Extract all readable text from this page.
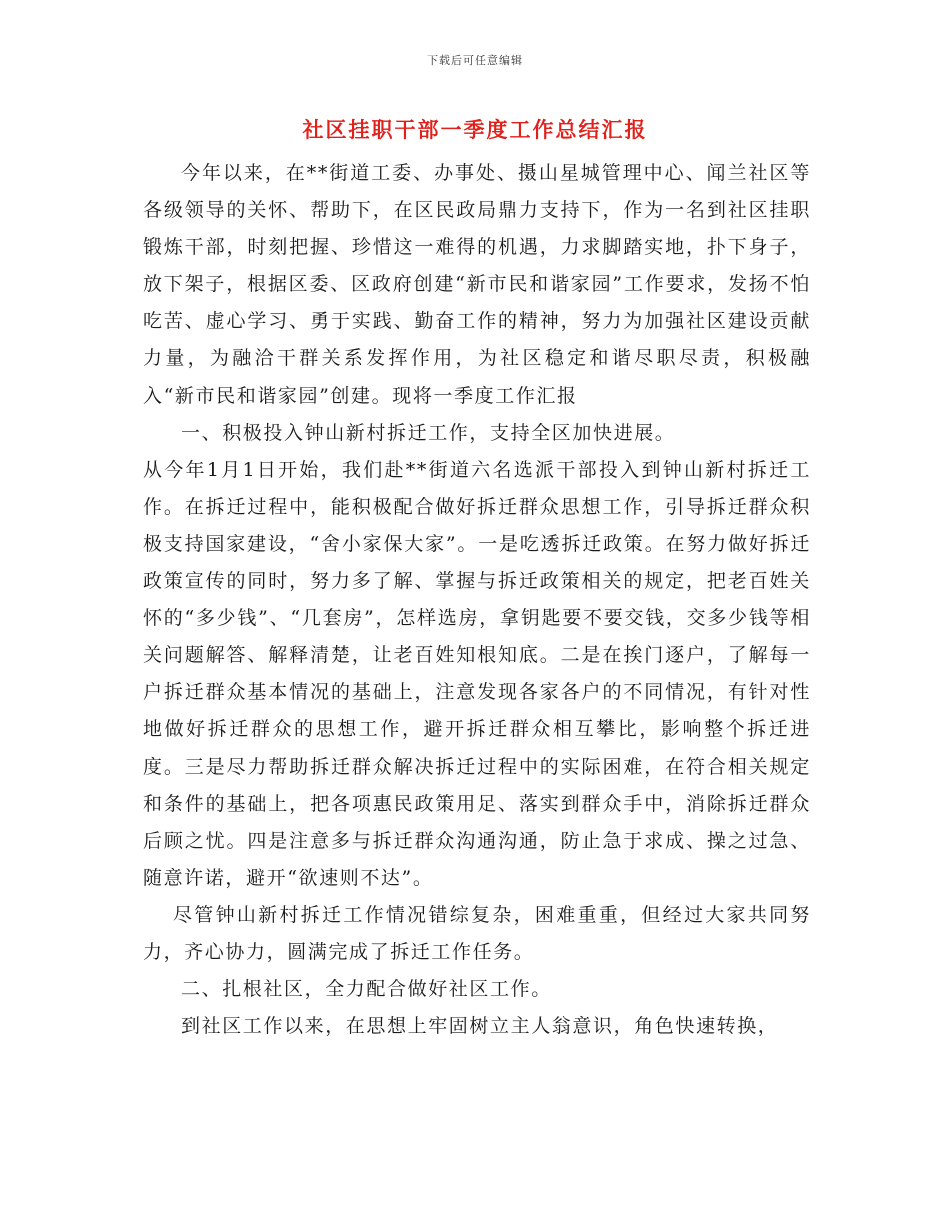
下载后可任意编辑
社区挂职干部一季度工作总结汇报

今年以来，在**街道工委、办事处、摄山星城管理中心、闻兰社区等各级领导的关怀、帮助下，在区民政局鼎力支持下，作为一名到社区挂职锻炼干部，时刻把握、珍惜这一难得的机遇，力求脚踏实地，扑下身子，放下架子，根据区委、区政府创建“新市民和谐家园”工作要求，发扬不怕吃苦、虚心学习、勇于实践、勤奋工作的精神，努力为加强社区建设贡献力量，为融洽干群关系发挥作用，为社区稳定和谐尽职尽责，积极融入“新市民和谐家园”创建。现将一季度工作汇报

一、积极投入钟山新村拆迁工作，支持全区加快进展。

从今年1月1日开始，我们赴**街道六名选派干部投入到钟山新村拆迁工作。在拆迁过程中，能积极配合做好拆迁群众思想工作，引导拆迁群众积极支持国家建设，“舍小家保大家”。一是吃透拆迁政策。在努力做好拆迁政策宣传的同时，努力多了解、掌握与拆迁政策相关的规定，把老百姓关怀的“多少钱”、“几套房”，怎样选房，拿钥匙要不要交钱，交多少钱等相关问题解答、解释清楚，让老百姓知根知底。二是在挨门逐户，了解每一户拆迁群众基本情况的基础上，注意发现各家各户的不同情况，有针对性地做好拆迁群众的思想工作，避开拆迁群众相互攀比，影响整个拆迁进度。三是尽力帮助拆迁群众解决拆迁过程中的实际困难，在符合相关规定和条件的基础上，把各项惠民政策用足、落实到群众手中，消除拆迁群众后顾之忧。四是注意多与拆迁群众沟通沟通，防止急于求成、操之过急、随意许诺，避开“欲速则不达”。

尽管钟山新村拆迁工作情况错综复杂，困难重重，但经过大家共同努力，齐心协力，圆满完成了拆迁工作任务。

二、扎根社区，全力配合做好社区工作。

到社区工作以来，在思想上牢固树立主人翁意识，角色快速转换，
